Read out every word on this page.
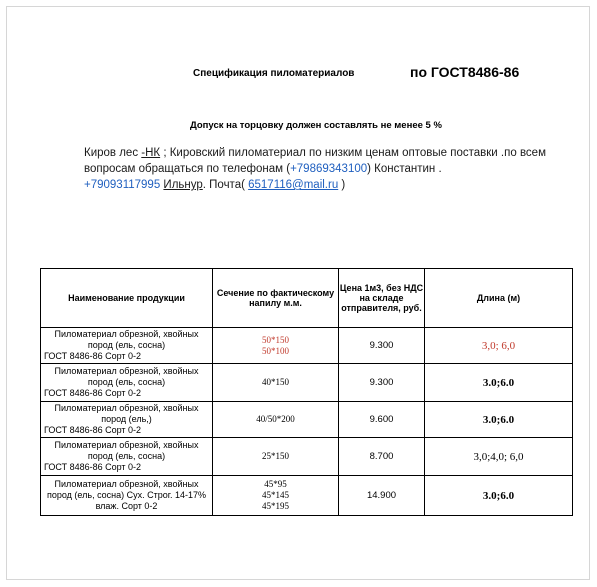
Спецификация пиломатериалов	по ГОСТ8486-86
Допуск на торцовку должен составлять не менее 5 %
Киров лес -НК ; Кировский пиломатериал по низким ценам оптовые поставки .по всем вопросам обращаться по телефонам (+79869343100) Константин .
+79093117995 Ильнур. Почта( 6517116@mail.ru )
Наименование продукции	Сечение по фактическому напилу м.м.	Цена 1м3, без НДС на складе отправителя, руб.	Длина (м)
Пиломатериал обрезной, хвойных пород (ель, сосна)
ГОСТ 8486-86 Сорт 0-2	50*150
50*100	9.300	3,0; 6,0
Пиломатериал обрезной, хвойных пород (ель, сосна)
ГОСТ 8486-86 Сорт 0-2	40*150	9.300	3.0;6.0
Пиломатериал обрезной, хвойных пород (ель,)
ГОСТ 8486-86 Сорт 0-2	40/50*200	9.600	3.0;6.0
Пиломатериал обрезной, хвойных пород (ель, сосна)
ГОСТ 8486-86 Сорт 0-2	25*150	8.700	3,0;4,0; 6,0
Пиломатериал обрезной, хвойных пород (ель, сосна) Сух. Строг. 14-17% влаж. Сорт 0-2	45*95
45*145
45*195	14.900	3.0;6.0
